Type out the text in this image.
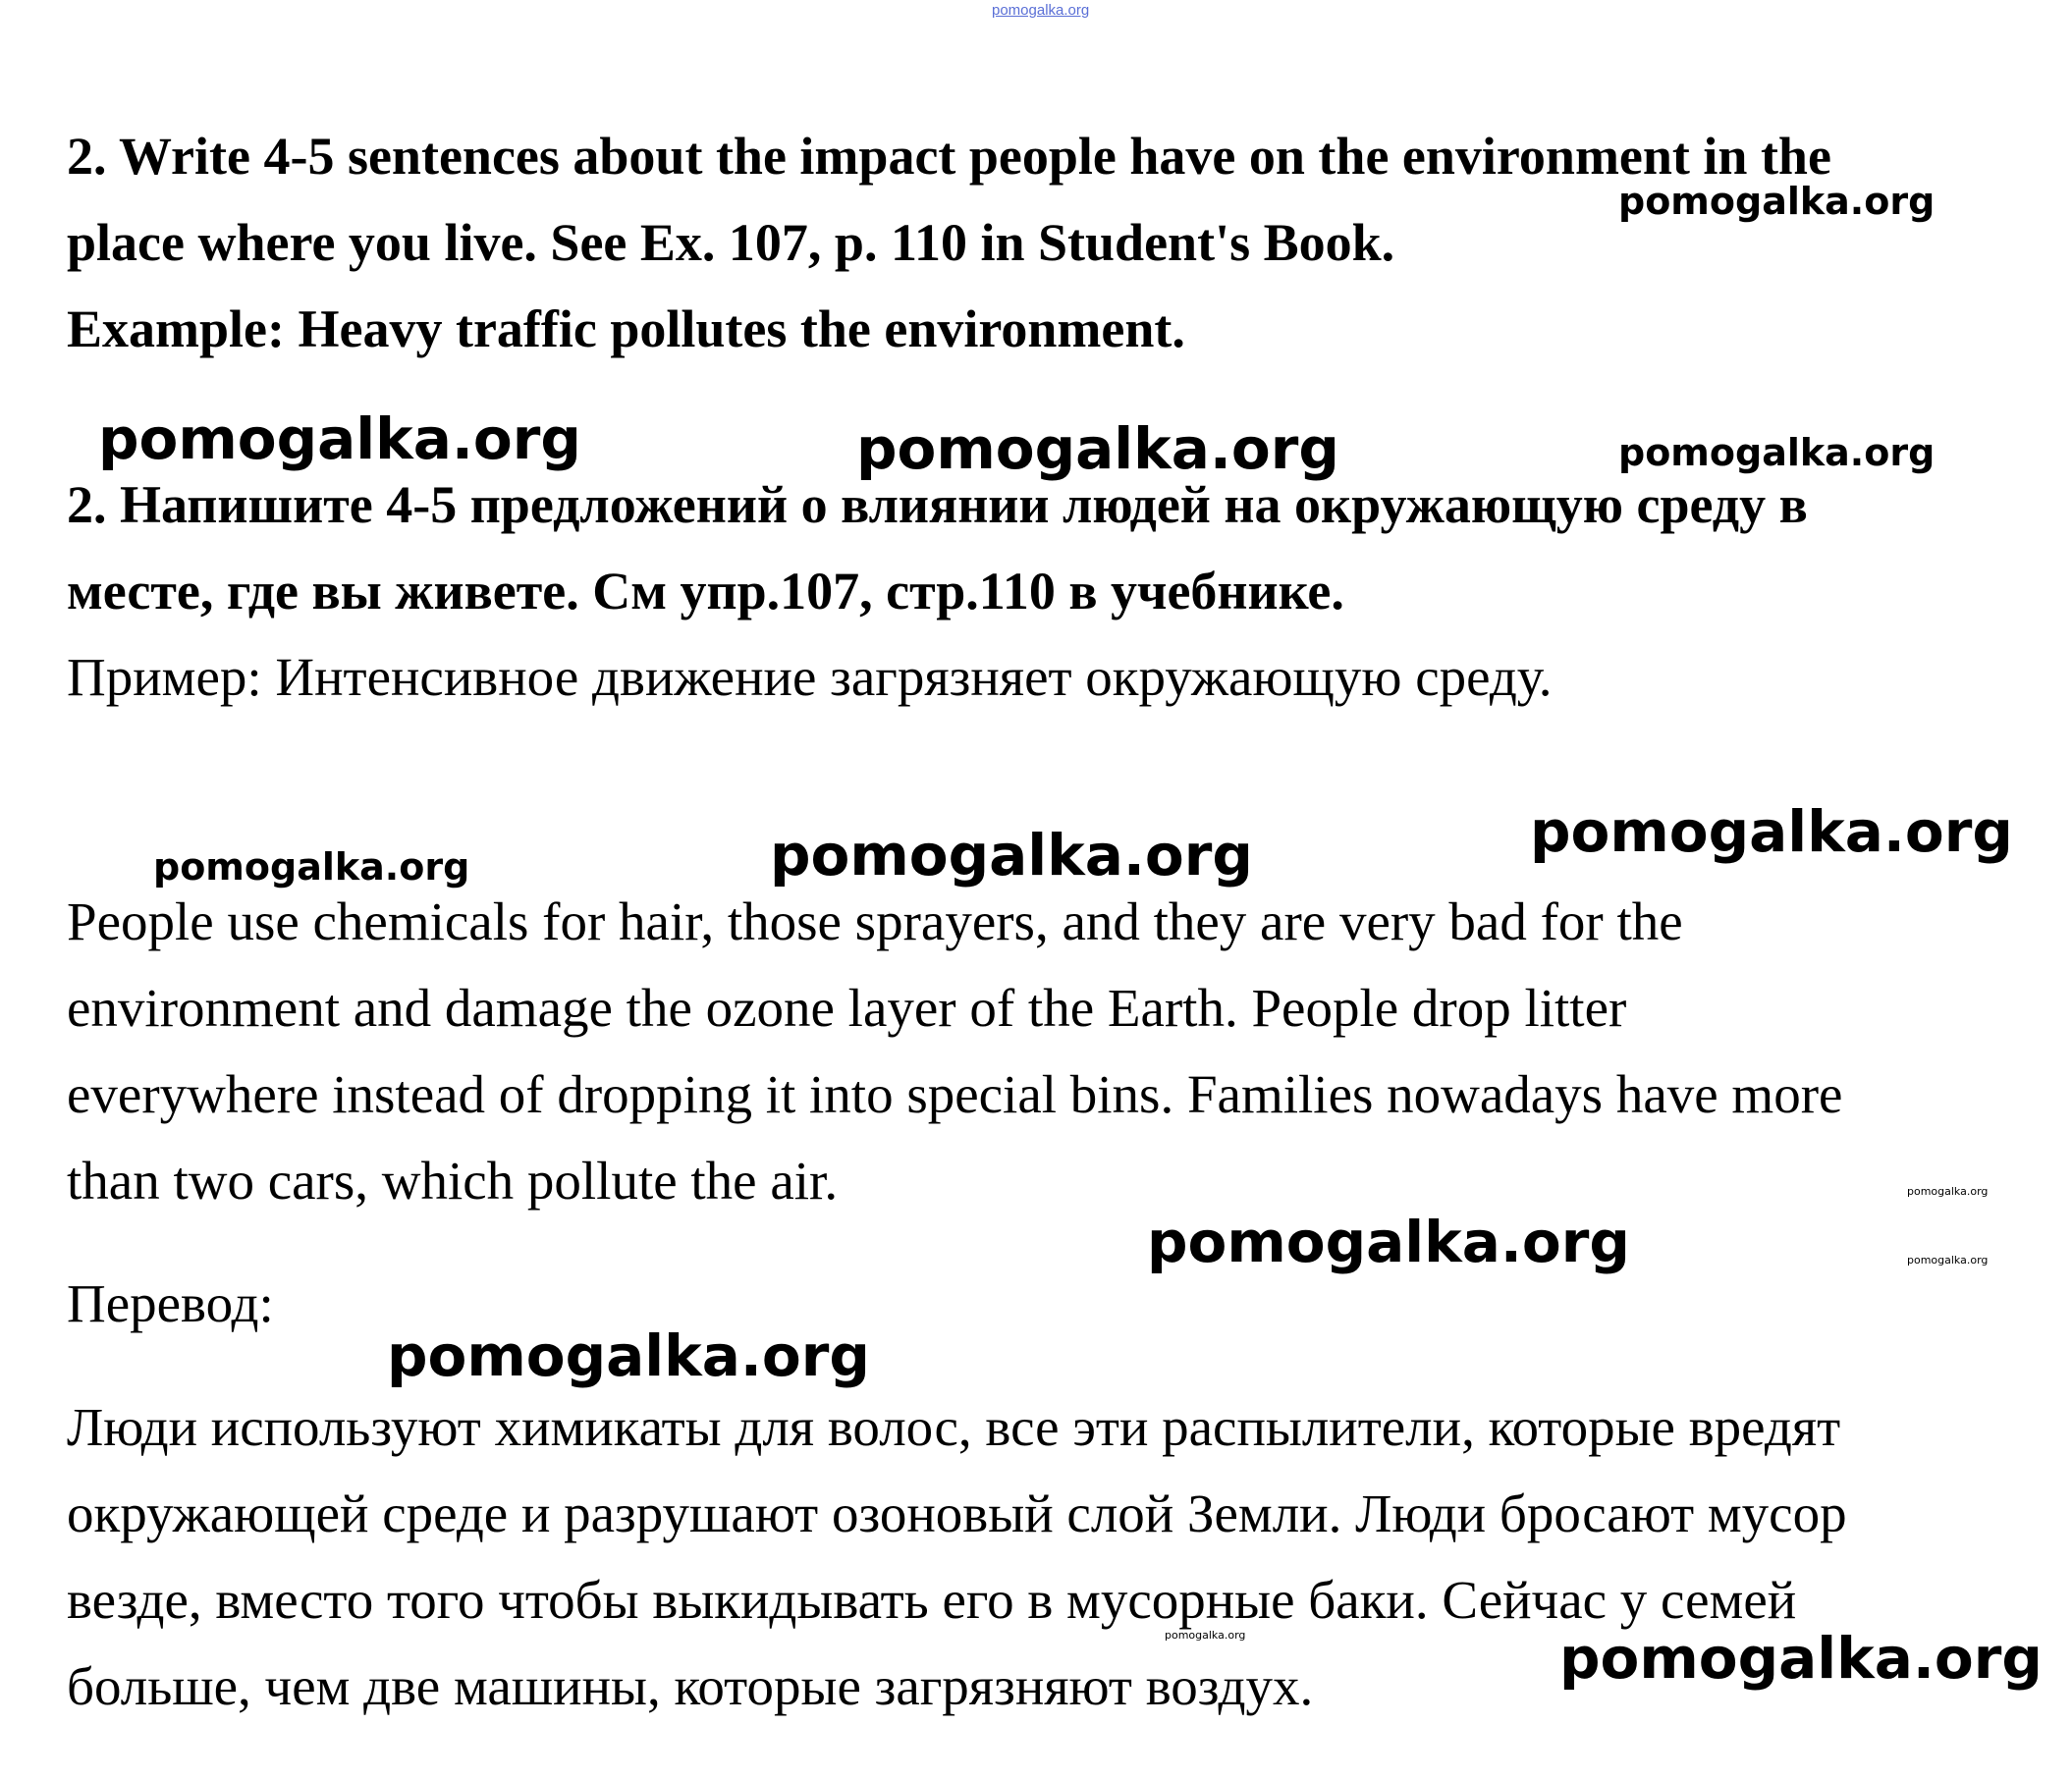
pomogalka.org
2. Write 4-5 sentences about the impact people have on the environment in the
place where you live. See Ex. 107, p. 110 in Student's Book.
Example: Heavy traffic pollutes the environment.
2. Напишите 4-5 предложений о влиянии людей на окружающую среду в
месте, где вы живете. См упр.107, стр.110 в учебнике.
Пример: Интенсивное движение загрязняет окружающую среду.
People use chemicals for hair, those sprayers, and they are very bad for the
environment and damage the ozone layer of the Earth. People drop litter
everywhere instead of dropping it into special bins. Families nowadays have more
than two cars, which pollute the air.
Перевод:
Люди используют химикаты для волос, все эти распылители, которые вредят
окружающей среде и разрушают озоновый слой Земли. Люди бросают мусор
везде, вместо того чтобы выкидывать его в мусорные баки. Сейчас у семей
больше, чем две машины, которые загрязняют воздух.
pomogalka.org
pomogalka.org	pomogalka.org	pomogalka.org
pomogalka.org
pomogalka.org
pomogalka.org
pomogalka.org
pomogalka.org	pomogalka.org
pomogalka.org
pomogalka.org	pomogalka.org
